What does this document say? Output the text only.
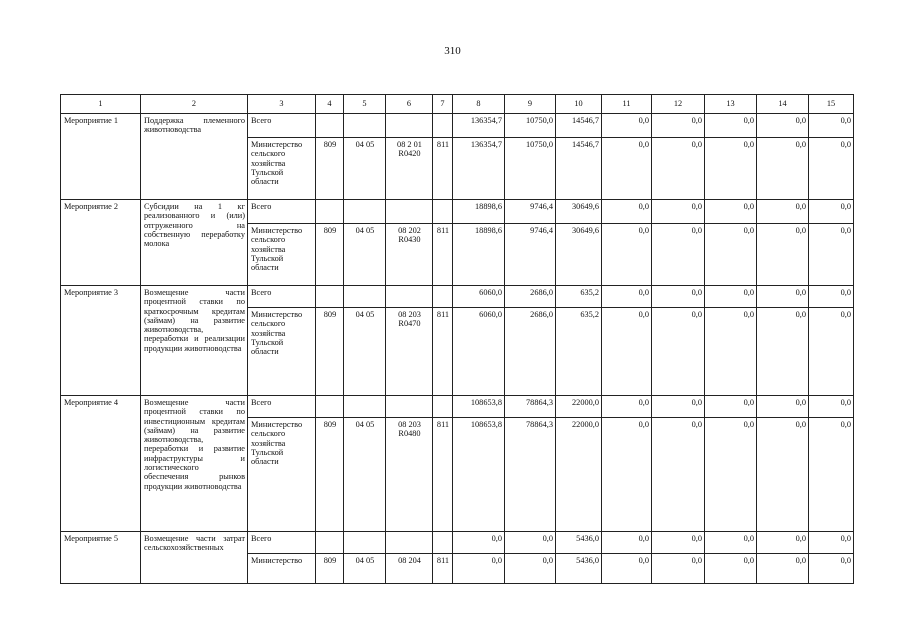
310
1	2	3	4	5	6	7	8	9	10	11	12	13	14	15
Мероприятие 1	Поддержка племенного животноводства	Всего					136354,7	10750,0	14546,7	0,0	0,0	0,0	0,0	0,0
		Министерство сельского хозяйства Тульской области	809	04 05	08 2 01 R0420	811	136354,7	10750,0	14546,7	0,0	0,0	0,0	0,0	0,0
Мероприятие 2	Субсидии на 1 кг реализованного и (или) отгруженного на собственную переработку молока	Всего					18898,6	9746,4	30649,6	0,0	0,0	0,0	0,0	0,0
		Министерство сельского хозяйства Тульской области	809	04 05	08 202 R0430	811	18898,6	9746,4	30649,6	0,0	0,0	0,0	0,0	0,0
Мероприятие 3	Возмещение части процентной ставки по краткосрочным кредитам (займам) на развитие животноводства, переработки и реализации продукции животноводства	Всего					6060,0	2686,0	635,2	0,0	0,0	0,0	0,0	0,0
		Министерство сельского хозяйства Тульской области	809	04 05	08 203 R0470	811	6060,0	2686,0	635,2	0,0	0,0	0,0	0,0	0,0
Мероприятие 4	Возмещение части процентной ставки по инвестиционным кредитам (займам) на развитие животноводства, переработки и развитие инфраструктуры и логистического обеспечения рынков продукции животноводства	Всего					108653,8	78864,3	22000,0	0,0	0,0	0,0	0,0	0,0
		Министерство сельского хозяйства Тульской области	809	04 05	08 203 R0480	811	108653,8	78864,3	22000,0	0,0	0,0	0,0	0,0	0,0
Мероприятие 5	Возмещение части затрат сельскохозяйственных	Всего					0,0	0,0	5436,0	0,0	0,0	0,0	0,0	0,0
		Министерство	809	04 05	08 204	811	0,0	0,0	5436,0	0,0	0,0	0,0	0,0	0,0
